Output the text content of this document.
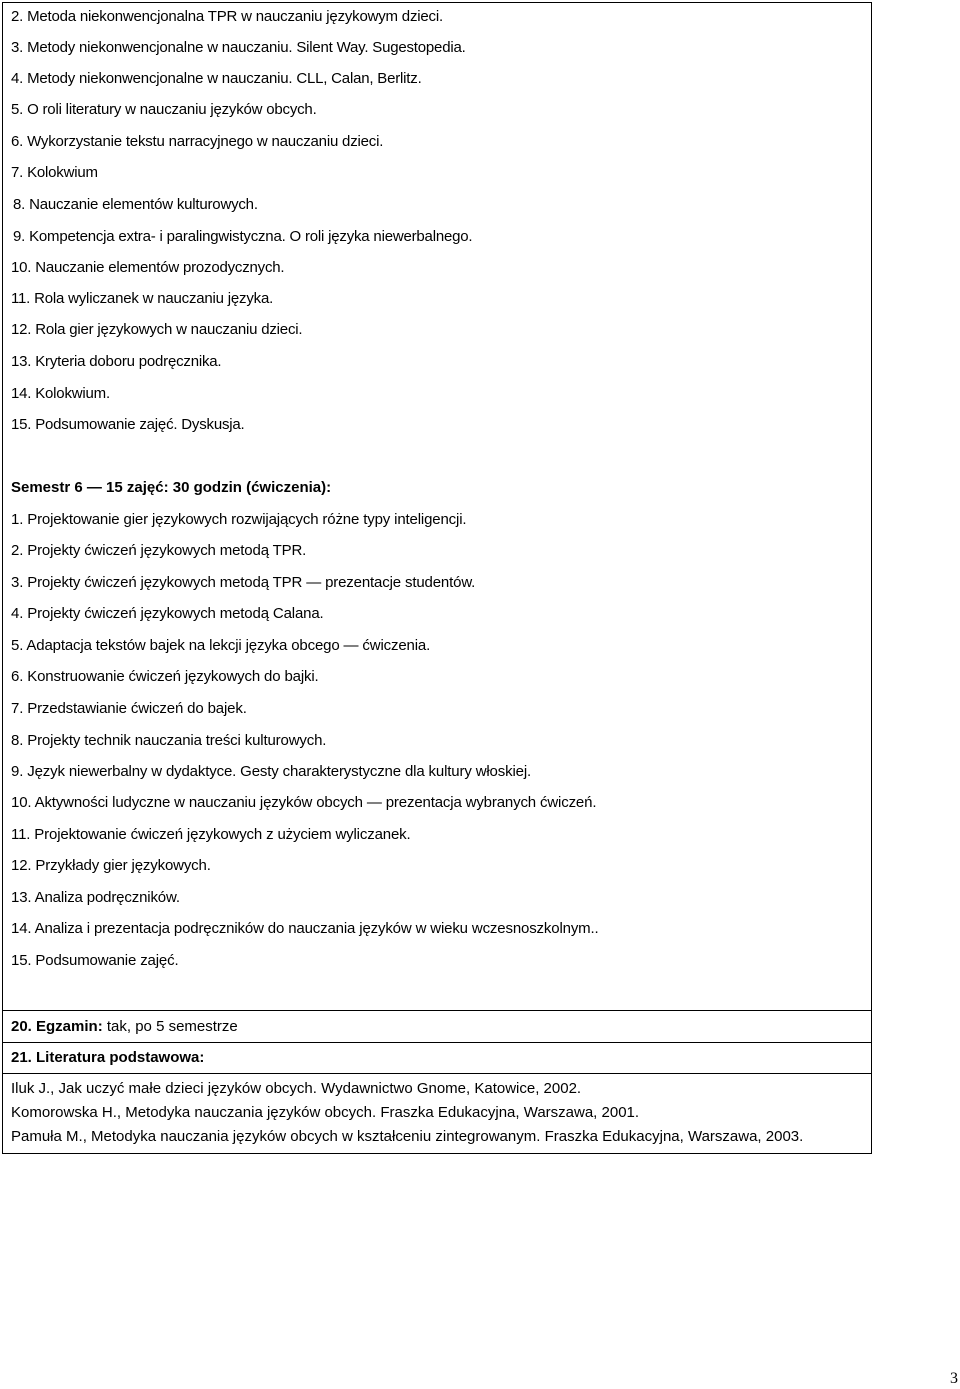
2. Metoda niekonwencjonalna TPR w nauczaniu językowym dzieci.
3. Metody niekonwencjonalne w nauczaniu. Silent Way. Sugestopedia.
4. Metody niekonwencjonalne w nauczaniu. CLL, Calan, Berlitz.
5. O roli literatury w nauczaniu języków obcych.
6. Wykorzystanie tekstu narracyjnego w nauczaniu dzieci.
7. Kolokwium
8. Nauczanie elementów kulturowych.
9. Kompetencja extra- i paralingwistyczna. O roli języka niewerbalnego.
10. Nauczanie elementów prozodycznych.
11. Rola wyliczanek w nauczaniu języka.
12. Rola gier językowych w nauczaniu dzieci.
13. Kryteria doboru podręcznika.
14. Kolokwium.
15. Podsumowanie zajęć. Dyskusja.
Semestr 6 — 15 zajęć: 30 godzin (ćwiczenia):
1. Projektowanie gier językowych rozwijających różne typy inteligencji.
2. Projekty ćwiczeń językowych metodą TPR.
3. Projekty ćwiczeń językowych metodą TPR — prezentacje studentów.
4. Projekty ćwiczeń językowych metodą Calana.
5. Adaptacja tekstów bajek na lekcji języka obcego — ćwiczenia.
6. Konstruowanie ćwiczeń językowych do bajki.
7. Przedstawianie ćwiczeń do bajek.
8. Projekty technik nauczania treści kulturowych.
9. Język niewerbalny w dydaktyce. Gesty charakterystyczne dla kultury włoskiej.
10. Aktywności ludyczne w nauczaniu języków obcych — prezentacja wybranych ćwiczeń.
11. Projektowanie ćwiczeń językowych z użyciem wyliczanek.
12. Przykłady gier językowych.
13. Analiza podręczników.
14. Analiza i prezentacja podręczników do nauczania języków w wieku wczesnoszkolnym..
15. Podsumowanie zajęć.
20. Egzamin: tak, po 5 semestrze
21. Literatura podstawowa:
Iluk J., Jak uczyć małe dzieci języków obcych. Wydawnictwo Gnome, Katowice, 2002.
Komorowska H., Metodyka nauczania języków obcych. Fraszka Edukacyjna, Warszawa, 2001.
Pamuła M., Metodyka nauczania języków obcych w kształceniu zintegrowanym. Fraszka Edukacyjna, Warszawa, 2003.
3
